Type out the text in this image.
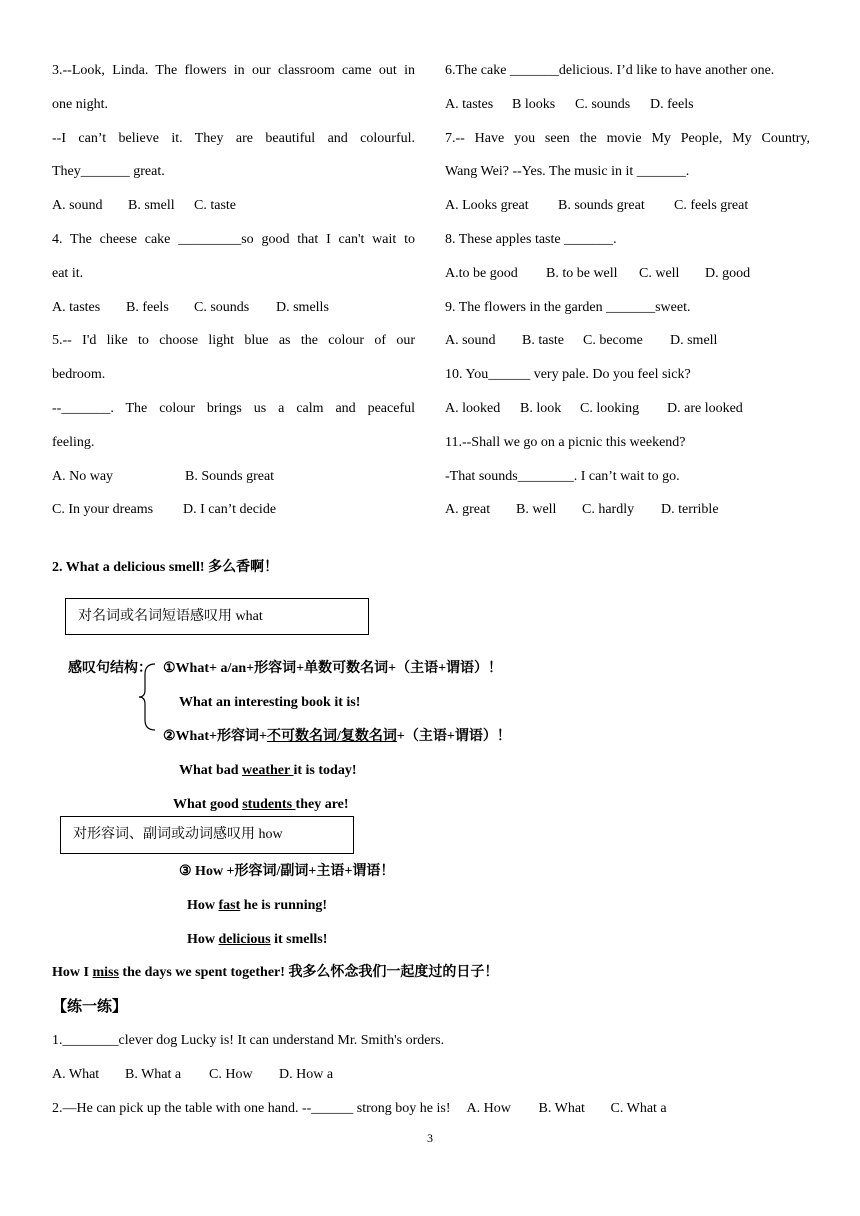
3.--Look, Linda. The flowers in our classroom came out in
one night.
--I can’t believe it. They are beautiful and colourful.
They_______ great.
A. sound B. smell C. taste
4. The cheese cake _________so good that I can't wait to
eat it.
A. tastes B. feels C. sounds D. smells
5.-- I'd like to choose light blue as the colour of our
bedroom.
--_______. The colour brings us a calm and peaceful
feeling.
A. No way	B. Sounds great
C. In your dreams D. I can’t decide
6.The cake _______delicious. I’d like to have another one.
A. tastes B looks C. sounds D. feels
7.-- Have you seen the movie My People, My Country,
Wang Wei? --Yes. The music in it _______.
A. Looks great B. sounds great C. feels great
8. These apples taste _______.
A.to be good B. to be well C. well D. good
9. The flowers in the garden _______sweet.
A. sound B. taste C. become D. smell
10. You______ very pale. Do you feel sick?
A. looked B. look C. looking D. are looked
11.--Shall we go on a picnic this weekend?
-That sounds________. I can’t wait to go.
A. great B. well C. hardly D. terrible
2. What a delicious smell! 多么香啊！
对名词或名词短语感叹用 what
感叹句结构： ①What+ a/an+形容词+单数可数名词+（主语+谓语）！
What an interesting book it is!
②What+形容词+不可数名词/复数名词+（主语+谓语）！
What bad weather it is today!
What good students they are!
对形容词、副词或动词感叹用 how
③ How +形容词/副词+主语+谓语！
How fast he is running!
How delicious it smells!
How I miss the days we spent together! 我多么怀念我们一起度过的日子！
【练一练】
1.________clever dog Lucky is! It can understand Mr. Smith's orders.
A. What B. What a C. How D. How a
2.—He can pick up the table with one hand. --______ strong boy he is! A. How B. What C. What a
3
